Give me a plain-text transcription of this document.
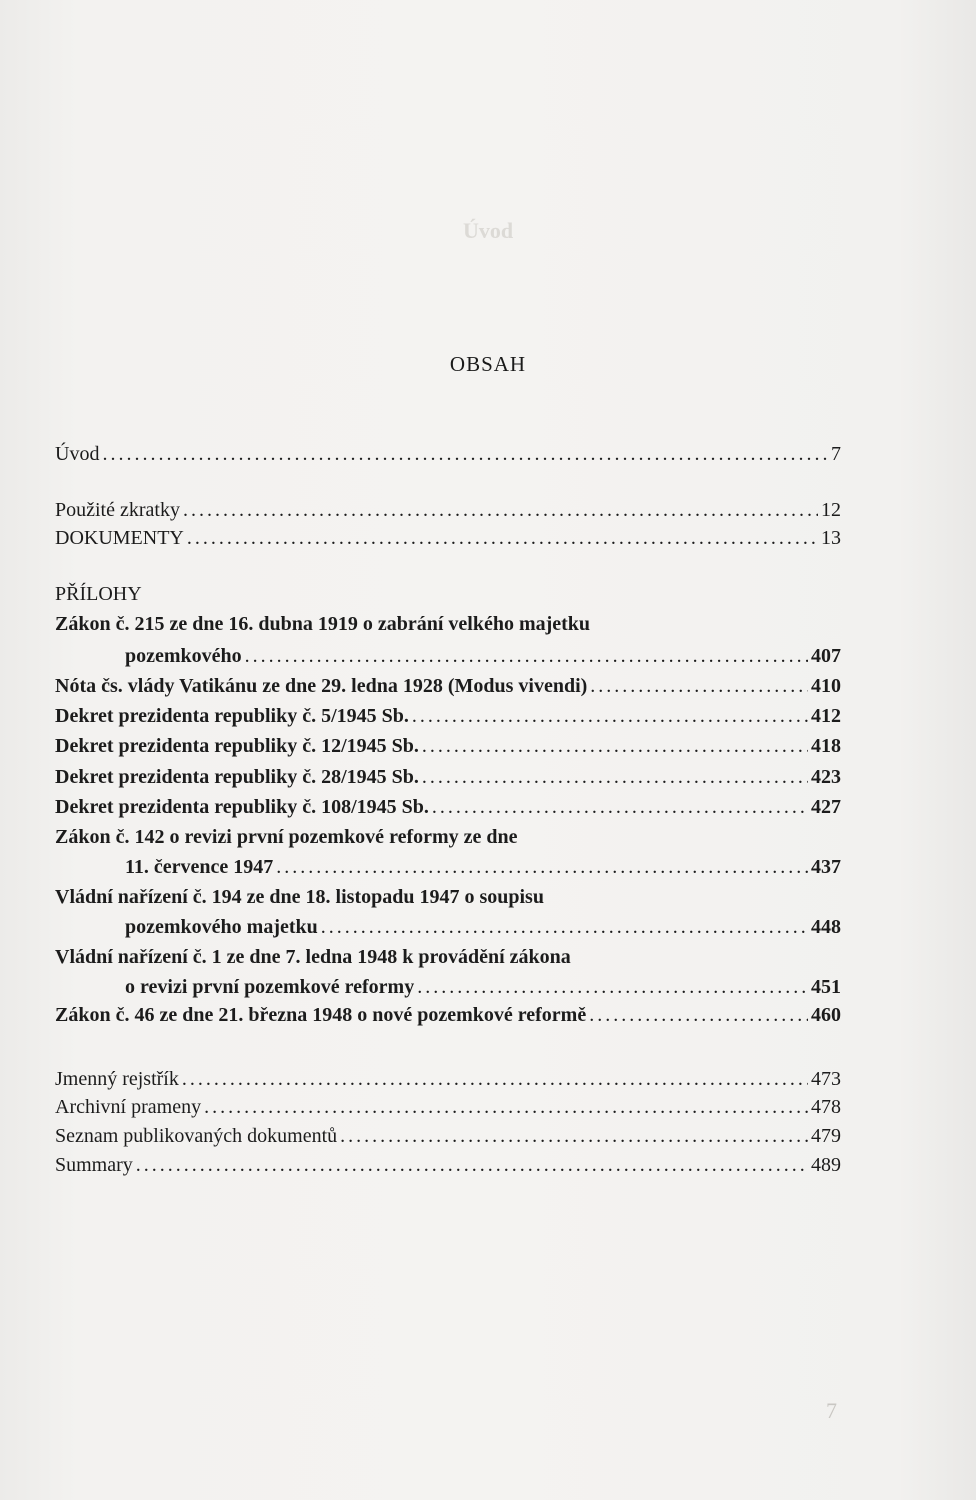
Úvod
OBSAH
Úvod . . .	7
Použité zkratky . . .	12
DOKUMENTY . . .	13
PŘÍLOHY
Zákon č. 215 ze dne 16. dubna 1919 o zabrání velkého majetku
pozemkového . . .	407
Nóta čs. vlády Vatikánu ze dne 29. ledna 1928 (Modus vivendi) . . .	410
Dekret prezidenta republiky č. 5/1945 Sb. . . .	412
Dekret prezidenta republiky č. 12/1945 Sb. . . .	418
Dekret prezidenta republiky č. 28/1945 Sb. . . .	423
Dekret prezidenta republiky č. 108/1945 Sb. . . .	427
Zákon č. 142 o revizi první pozemkové reformy ze dne
11. července 1947 . . .	437
Vládní nařízení č. 194 ze dne 18. listopadu 1947 o soupisu
pozemkového majetku . . .	448
Vládní nařízení č. 1 ze dne 7. ledna 1948 k provádění zákona
o revizi první pozemkové reformy . . .	451
Zákon č. 46 ze dne 21. března 1948 o nové pozemkové reformě . . .	460
Jmenný rejstřík . . .	473
Archivní prameny . . .	478
Seznam publikovaných dokumentů . . .	479
Summary . . .	489
7
